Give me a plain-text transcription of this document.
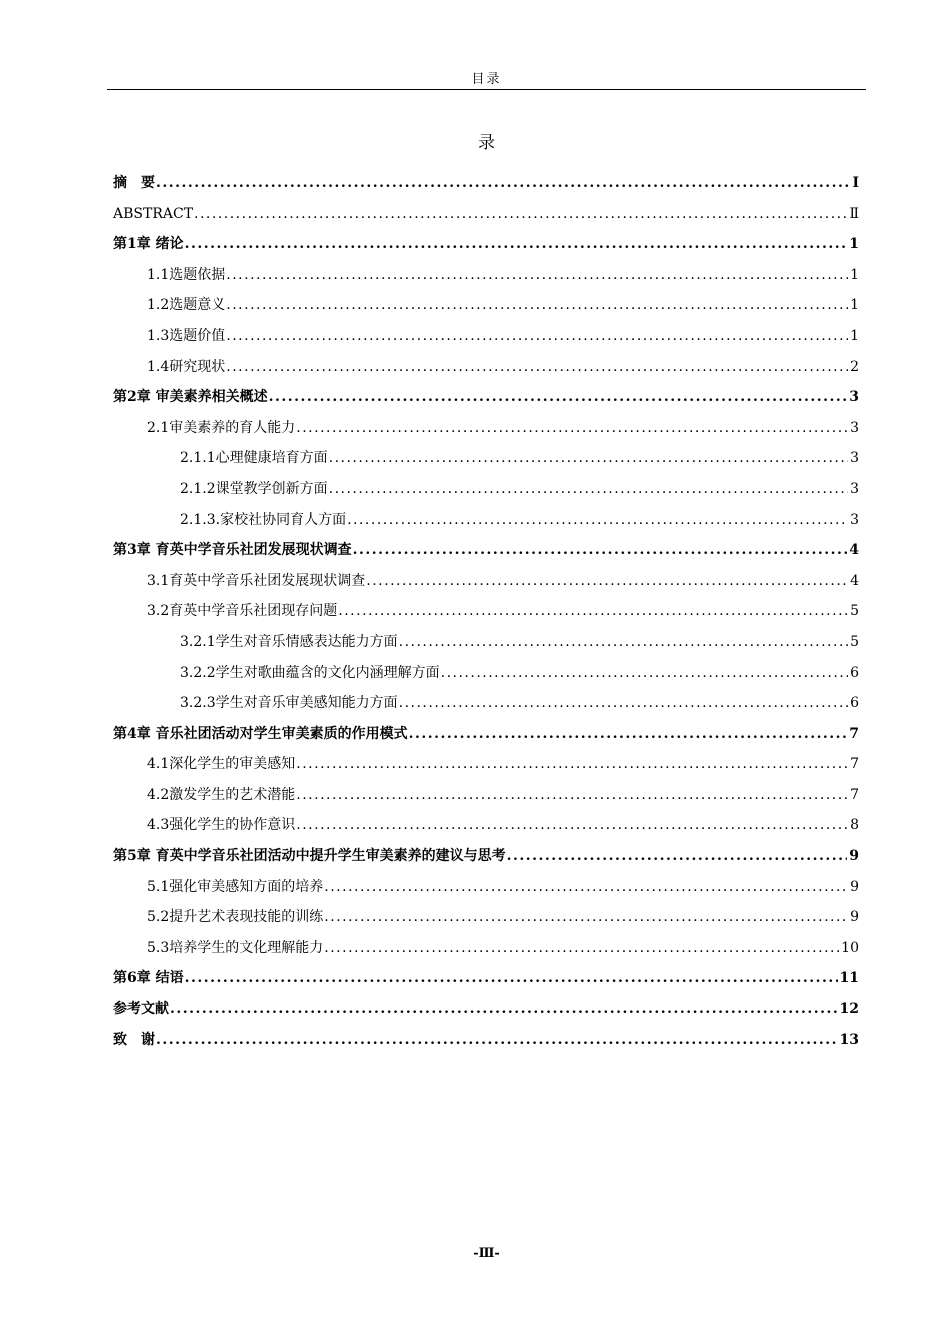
目录
录
摘　要 .....	Ⅰ
ABSTRACT .....	Ⅱ
第1章 绪论 .....	1
1.1选题依据 .....	1
1.2选题意义 .....	1
1.3选题价值 .....	1
1.4研究现状 .....	2
第2章 审美素养相关概述 .....	3
2.1审美素养的育人能力 .....	3
2.1.1心理健康培育方面 .....	3
2.1.2课堂教学创新方面 .....	3
2.1.3.家校社协同育人方面 .....	3
第3章 育英中学音乐社团发展现状调查 .....	4
3.1育英中学音乐社团发展现状调查 .....	4
3.2育英中学音乐社团现存问题 .....	5
3.2.1学生对音乐情感表达能力方面 .....	5
3.2.2学生对歌曲蕴含的文化内涵理解方面 .....	6
3.2.3学生对音乐审美感知能力方面 .....	6
第4章 音乐社团活动对学生审美素质的作用模式 .....	7
4.1深化学生的审美感知 .....	7
4.2激发学生的艺术潜能 .....	7
4.3强化学生的协作意识 .....	8
第5章 育英中学音乐社团活动中提升学生审美素养的建议与思考 .....	9
5.1强化审美感知方面的培养 .....	9
5.2提升艺术表现技能的训练 .....	9
5.3培养学生的文化理解能力 .....	10
第6章 结语 .....	11
参考文献 .....	12
致　谢 .....	13
-Ⅲ-
